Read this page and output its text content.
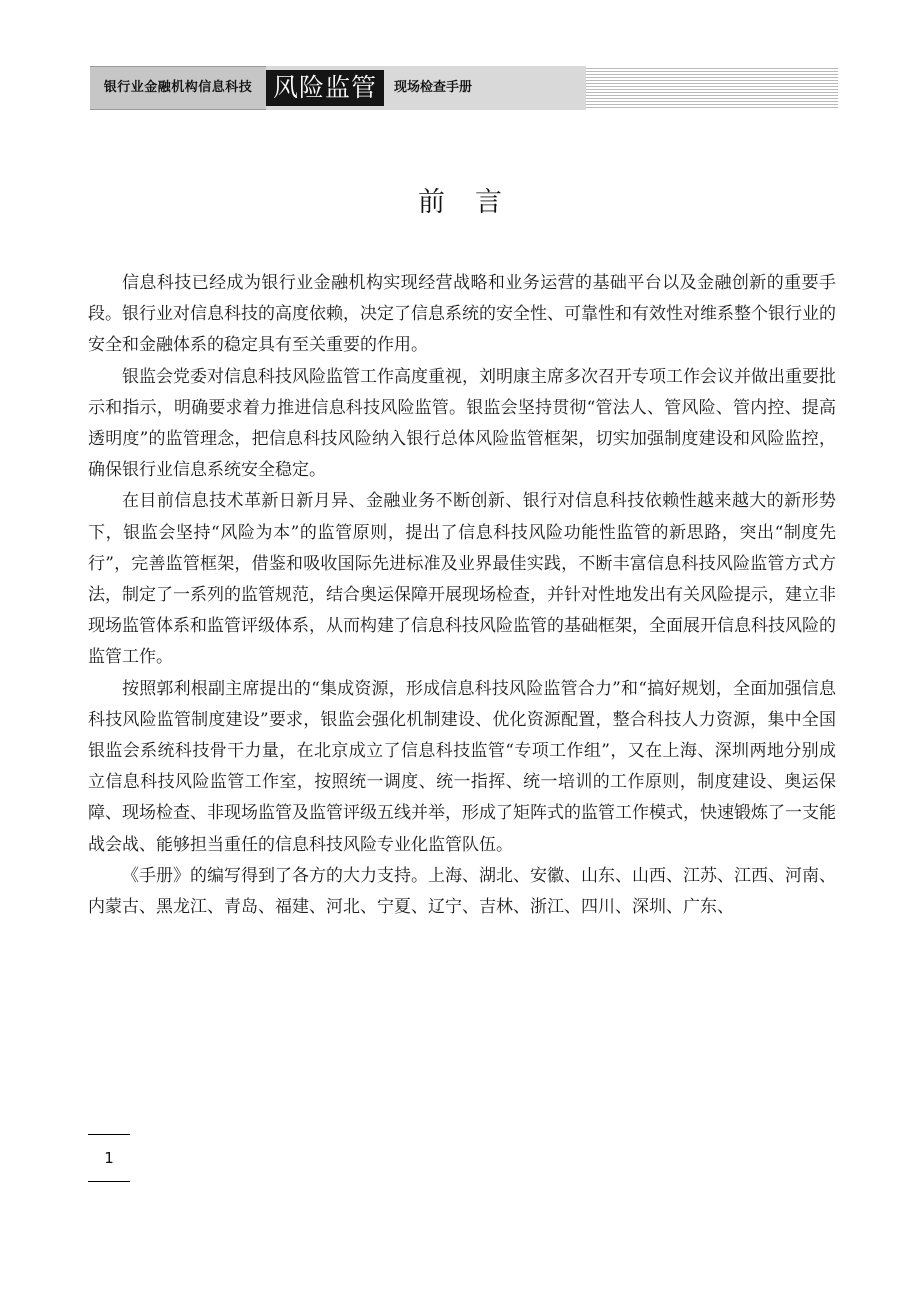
银行业金融机构信息科技 风险监管	现场检查手册
前言

信息科技已经成为银行业金融机构实现经营战略和业务运营的基础平台以及金融创新的重要手段。银行业对信息科技的高度依赖，决定了信息系统的安全性、可靠性和有效性对维系整个银行业的安全和金融体系的稳定具有至关重要的作用。

银监会党委对信息科技风险监管工作高度重视，刘明康主席多次召开专项工作会议并做出重要批示和指示，明确要求着力推进信息科技风险监管。银监会坚持贯彻“管法人、管风险、管内控、提高透明度”的监管理念，把信息科技风险纳入银行总体风险监管框架，切实加强制度建设和风险监控，确保银行业信息系统安全稳定。

在目前信息技术革新日新月异、金融业务不断创新、银行对信息科技依赖性越来越大的新形势下，银监会坚持“风险为本”的监管原则，提出了信息科技风险功能性监管的新思路，突出“制度先行”，完善监管框架，借鉴和吸收国际先进标准及业界最佳实践，不断丰富信息科技风险监管方式方法，制定了一系列的监管规范，结合奥运保障开展现场检查，并针对性地发出有关风险提示，建立非现场监管体系和监管评级体系，从而构建了信息科技风险监管的基础框架，全面展开信息科技风险的监管工作。

按照郭利根副主席提出的“集成资源，形成信息科技风险监管合力”和“搞好规划，全面加强信息科技风险监管制度建设”要求，银监会强化机制建设、优化资源配置，整合科技人力资源，集中全国银监会系统科技骨干力量，在北京成立了信息科技监管“专项工作组”，又在上海、深圳两地分别成立信息科技风险监管工作室，按照统一调度、统一指挥、统一培训的工作原则，制度建设、奥运保障、现场检查、非现场监管及监管评级五线并举，形成了矩阵式的监管工作模式，快速锻炼了一支能战会战、能够担当重任的信息科技风险专业化监管队伍。

《手册》的编写得到了各方的大力支持。上海、湖北、安徽、山东、山西、江苏、江西、河南、内蒙古、黑龙江、青岛、福建、河北、宁夏、辽宁、吉林、浙江、四川、深圳、广东、

1
